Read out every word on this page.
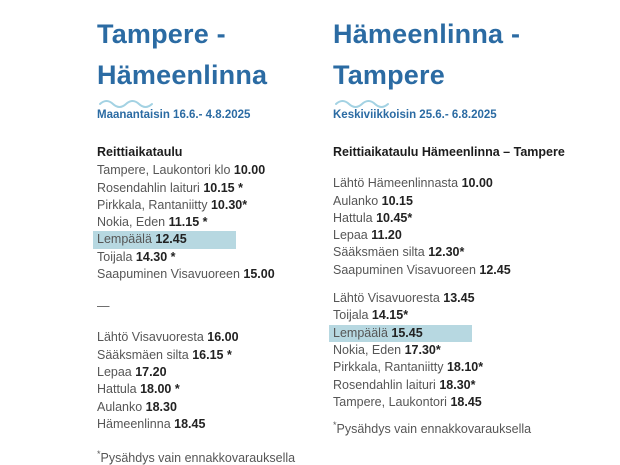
Tampere -
Hämeenlinna
Maanantaisin 16.6.- 4.8.2025
Reittiaikataulu
Tampere, Laukontori klo 10.00
Rosendahlin laituri 10.15 *
Pirkkala, Rantaniitty 10.30*
Nokia, Eden 11.15 *
Lempäälä 12.45
Toijala 14.30 *
Saapuminen Visavuoreen 15.00
—
Lähtö Visavuoresta 16.00
Sääksmäen silta 16.15 *
Lepaa 17.20
Hattula 18.00 *
Aulanko 18.30
Hämeenlinna 18.45
*Pysähdys vain ennakkovarauksella
Hämeenlinna -
Tampere
Keskiviikkoisin 25.6.- 6.8.2025
Reittiaikataulu Hämeenlinna – Tampere
Lähtö Hämeenlinnasta 10.00
Aulanko 10.15
Hattula 10.45*
Lepaa 11.20
Sääksmäen silta 12.30*
Saapuminen Visavuoreen 12.45
Lähtö Visavuoresta 13.45
Toijala 14.15*
Lempäälä 15.45
Nokia, Eden 17.30*
Pirkkala, Rantaniitty 18.10*
Rosendahlin laituri 18.30*
Tampere, Laukontori 18.45
*Pysähdys vain ennakkovarauksella
